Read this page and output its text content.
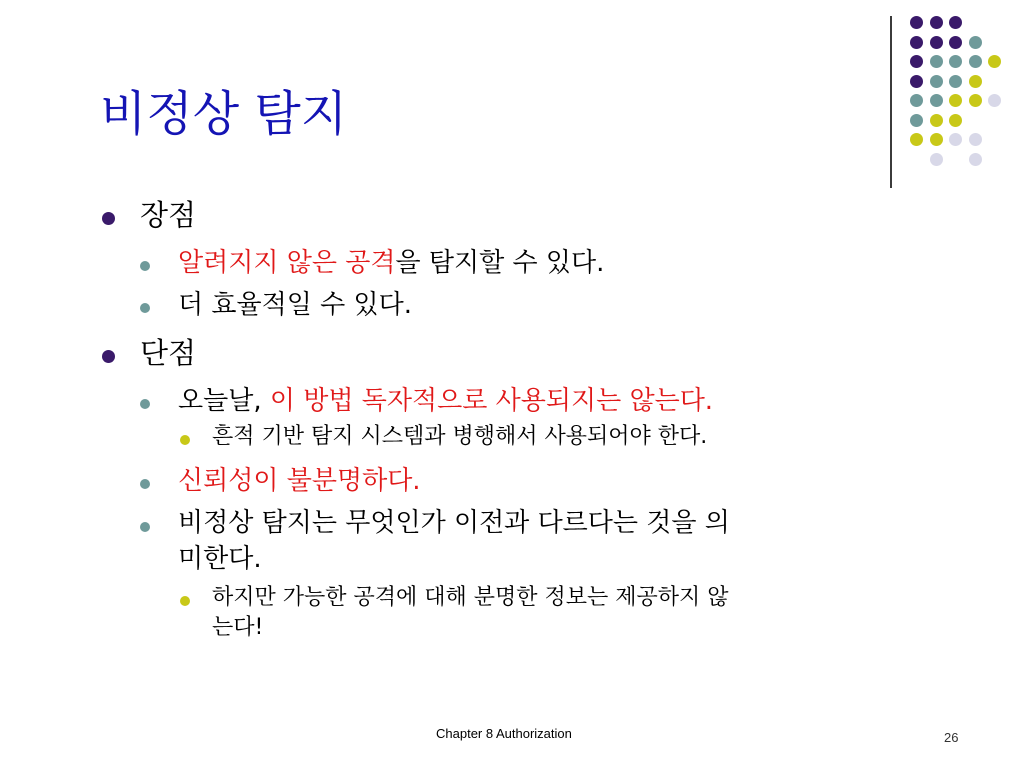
비정상 탐지
장점
알려지지 않은 공격을 탐지할 수 있다.
더 효율적일 수 있다.
단점
오늘날, 이 방법 독자적으로 사용되지는 않는다.
흔적 기반 탐지 시스템과 병행해서 사용되어야 한다.
신뢰성이 불분명하다.
비정상 탐지는 무엇인가 이전과 다르다는 것을 의
미한다.
하지만 가능한 공격에 대해 분명한 정보는 제공하지 않
는다!
Chapter 8 Authorization	26
